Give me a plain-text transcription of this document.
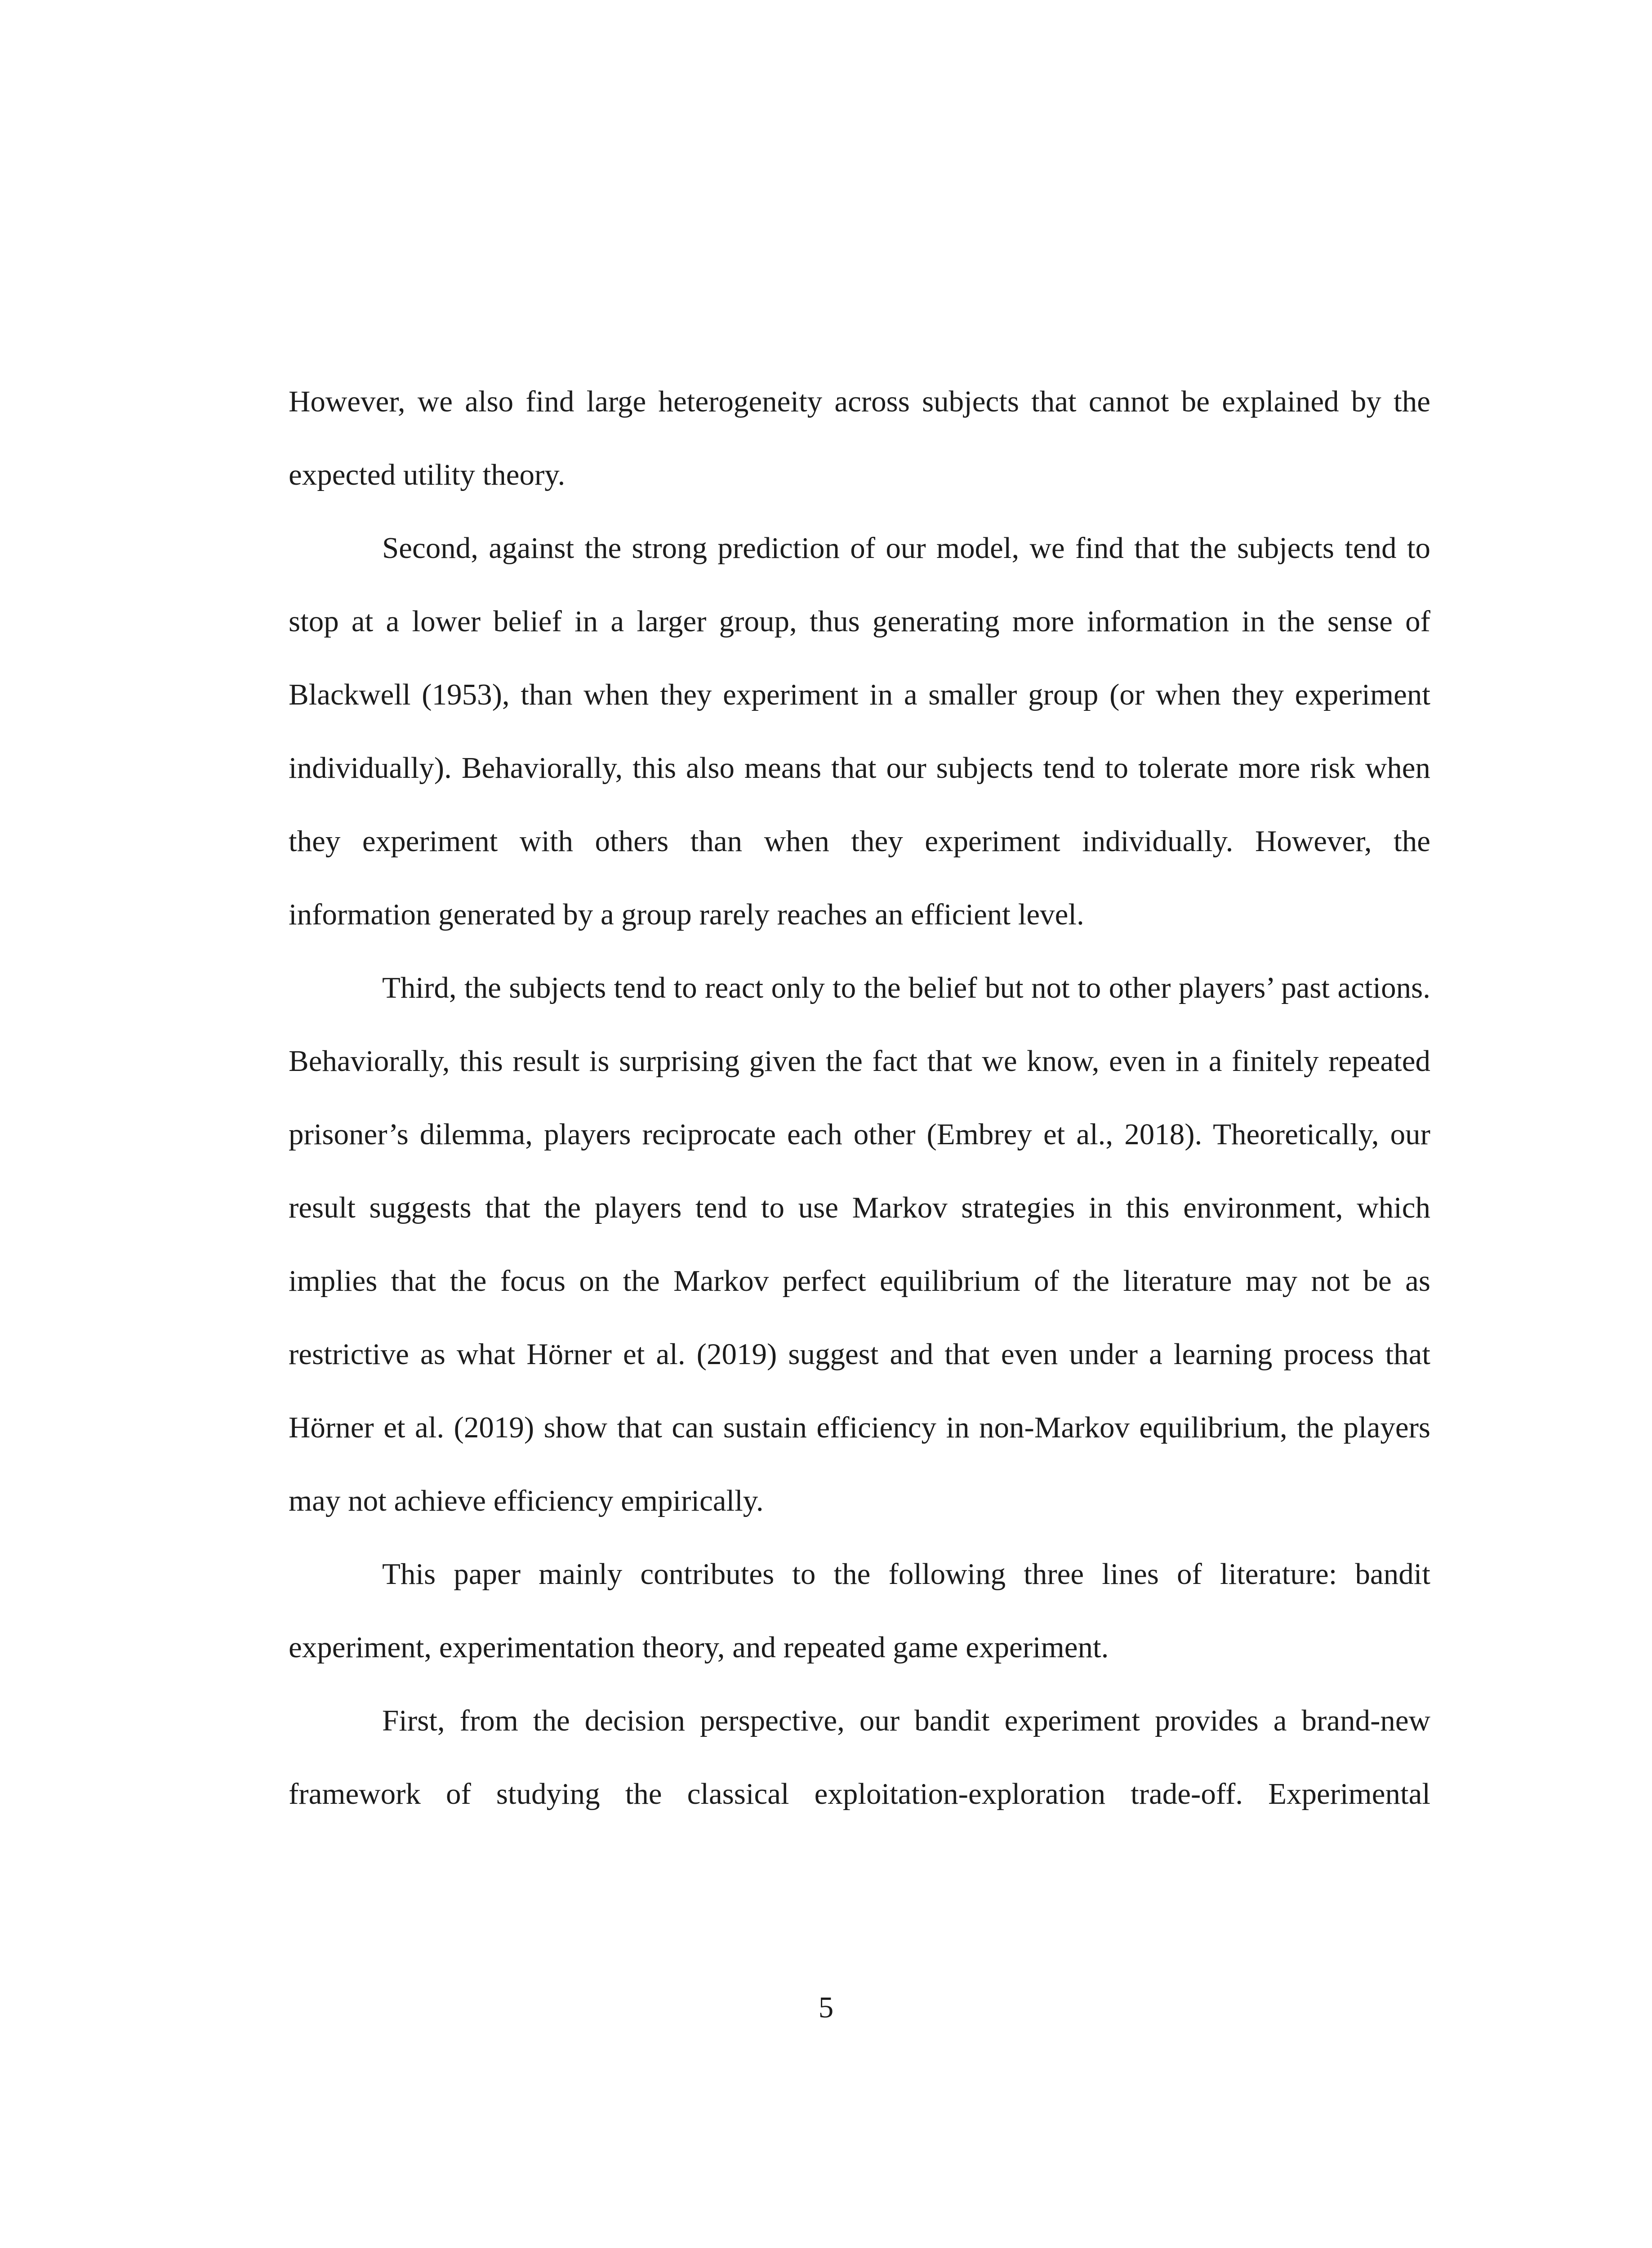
However, we also find large heterogeneity across subjects that cannot be explained by the expected utility theory.

Second, against the strong prediction of our model, we find that the subjects tend to stop at a lower belief in a larger group, thus generating more information in the sense of Blackwell (1953), than when they experiment in a smaller group (or when they experiment individually). Behaviorally, this also means that our subjects tend to tolerate more risk when they experiment with others than when they experiment individually. However, the information generated by a group rarely reaches an efficient level.

Third, the subjects tend to react only to the belief but not to other players’ past actions. Behaviorally, this result is surprising given the fact that we know, even in a finitely repeated prisoner’s dilemma, players reciprocate each other (Embrey et al., 2018). Theoretically, our result suggests that the players tend to use Markov strategies in this environment, which implies that the focus on the Markov perfect equilibrium of the literature may not be as restrictive as what Hörner et al. (2019) suggest and that even under a learning process that Hörner et al. (2019) show that can sustain efficiency in non-Markov equilibrium, the players may not achieve efficiency empirically.

This paper mainly contributes to the following three lines of literature: bandit experiment, experimentation theory, and repeated game experiment.

First, from the decision perspective, our bandit experiment provides a brand-new framework of studying the classical exploitation-exploration trade-off. Experimental

5
